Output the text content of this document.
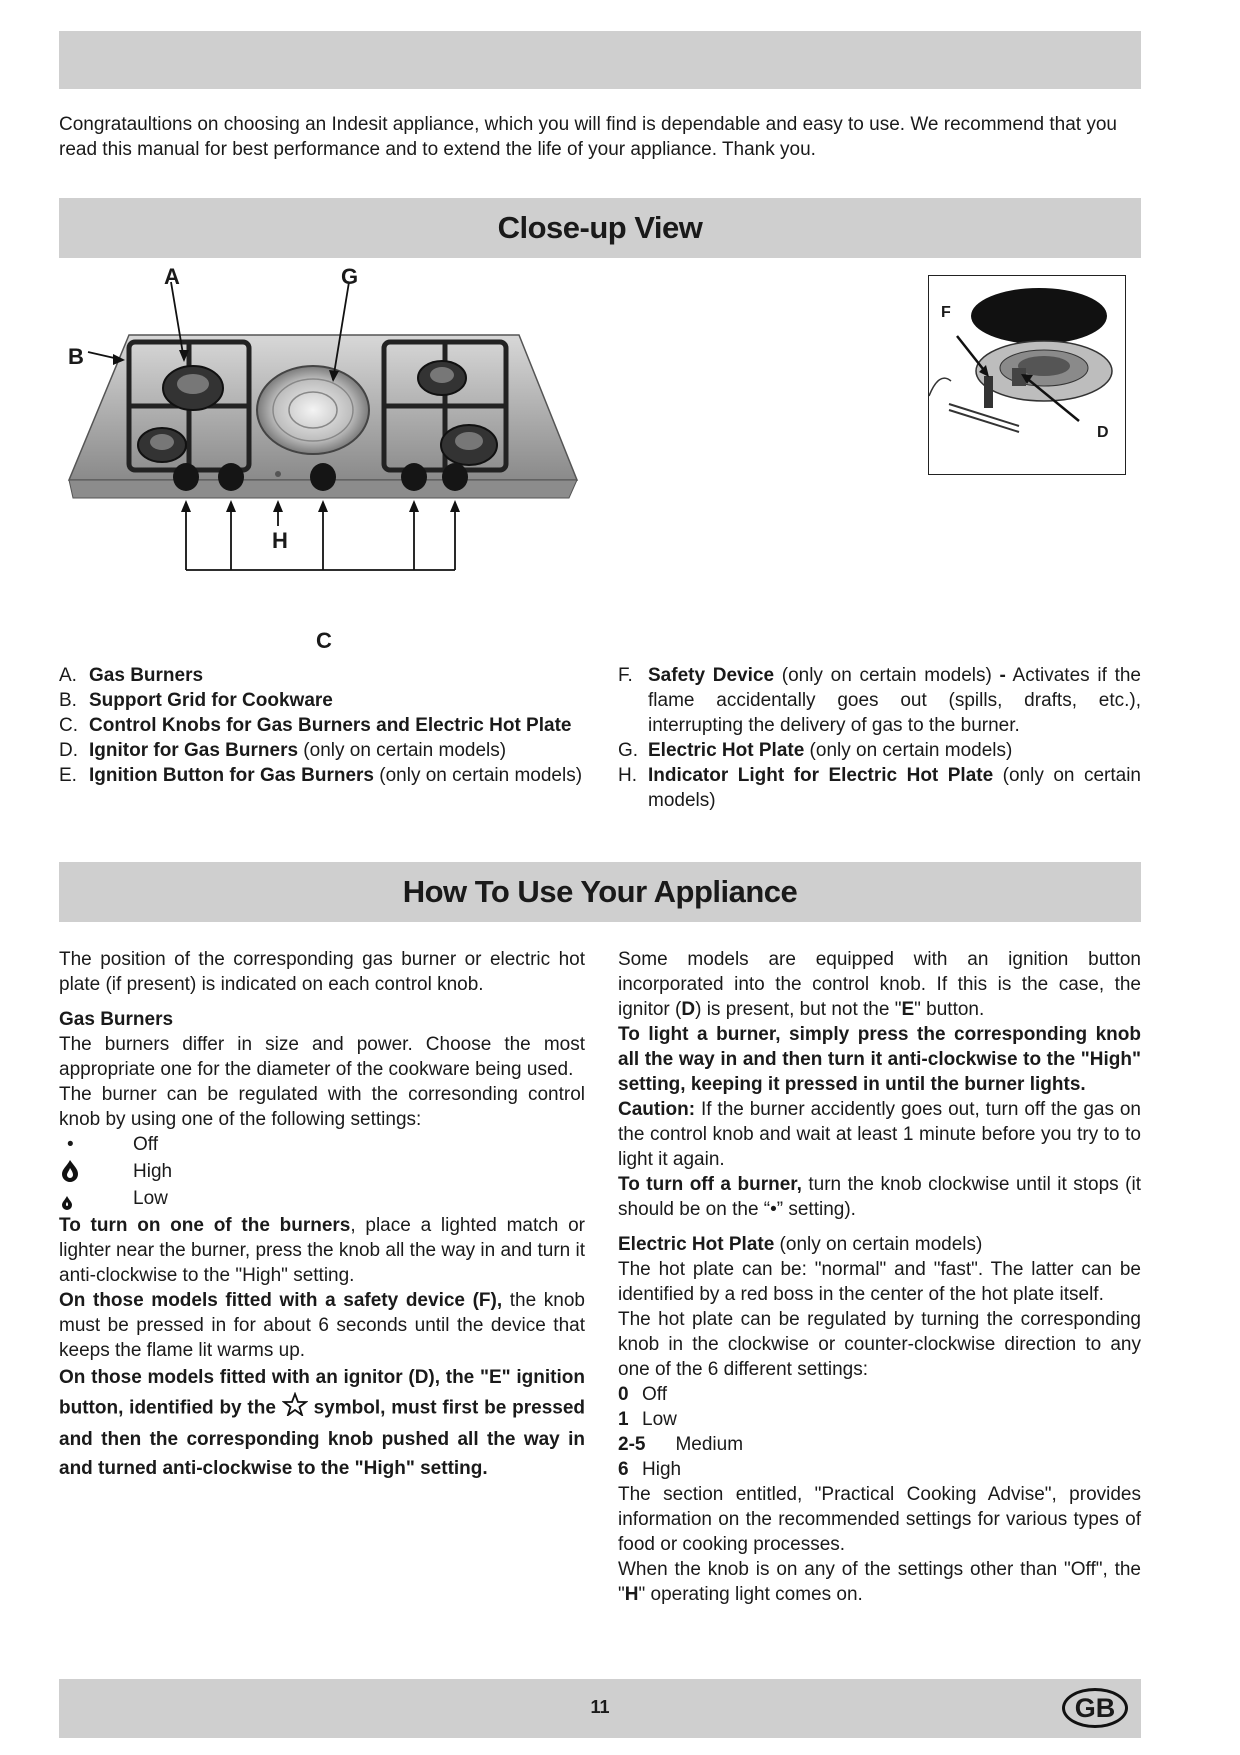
Congrataultions on choosing an Indesit appliance, which you will find is dependable and easy to use. We recommend that you read this manual for best performance and to extend the life of your appliance. Thank you.
Close-up View
A	G
B
H
C
F
D
A. Gas Burners
B. Support Grid for Cookware
C. Control Knobs for Gas Burners and Electric Hot Plate
D. Ignitor for Gas Burners (only on certain models)
E. Ignition Button for Gas Burners (only on certain models)
F. Safety Device (only on certain models) - Activates if the flame accidentally goes out (spills, drafts, etc.), interrupting the delivery of gas to the burner.
G. Electric Hot Plate (only on certain models)
H. Indicator Light for Electric Hot Plate (only on certain models)
How To Use Your Appliance

The position of the corresponding gas burner or electric hot plate (if present) is indicated on each control knob.

Gas Burners

The burners differ in size and power. Choose the most appropriate one for the diameter of the cookware being used.

The burner can be regulated with the corresonding control knob by using one of the following settings:

•	Off
High
Low

To turn on one of the burners, place a lighted match or lighter near the burner, press the knob all the way in and turn it anti-clockwise to the "High" setting.

On those models fitted with a safety device (F), the knob must be pressed in for about 6 seconds until the device that keeps the flame lit warms up.

On those models fitted with an ignitor (D), the "E" ignition button, identified by the  symbol, must first be pressed and then the corresponding knob pushed all the way in and turned anti-clockwise to the "High" setting.

Some models are equipped with an ignition button incorporated into the control knob. If this is the case, the ignitor (D) is present, but not the "E" button.

To light a burner, simply press the corresponding knob all the way in and then turn it anti-clockwise to the "High" setting, keeping it pressed in until the burner lights.

Caution: If the burner accidently goes out, turn off the gas on the control knob and wait at least 1 minute before you try to to light it again.

To turn off a burner, turn the knob clockwise until it stops (it should be on the “•” setting).

Electric Hot Plate (only on certain models)

The hot plate can be: "normal" and "fast". The latter can be identified by a red boss in the center of the hot plate itself.

The hot plate can be regulated by turning the corresponding knob in the clockwise or counter-clockwise direction to any one of the 6 different settings:

0 Off
1 Low
2-5 Medium
6 High

The section entitled, "Practical Cooking Advise", provides information on the recommended settings for various types of food or cooking processes.

When the knob is on any of the settings other than "Off", the "H" operating light comes on.

11	GB
